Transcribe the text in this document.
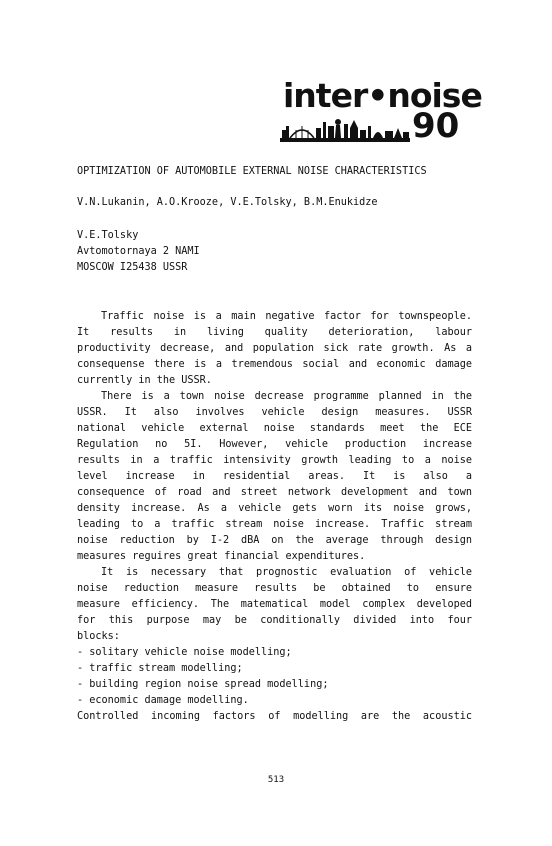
inter•noise
90
OPTIMIZATION OF AUTOMOBILE EXTERNAL NOISE CHARACTERISTICS
V.N.Lukanin, A.O.Krooze, V.E.Tolsky, B.M.Enukidze
V.E.Tolsky
Avtomotornaya 2 NAMI
MOSCOW I25438 USSR
Traffic noise is a main negative factor for townspeople.
It results in living quality deterioration, labour
productivity decrease, and population sick rate growth. As a
consequense there is a tremendous social and economic damage
currently in the USSR.
There is a town noise decrease programme planned in the
USSR. It also involves vehicle design measures. USSR
national vehicle external noise standards meet the ECE
Regulation no 5I. However, vehicle production increase
results in a traffic intensivity growth leading to a noise
level increase in residential areas. It is also a
consequence of road and street network development and town
density increase. As a vehicle gets worn its noise grows,
leading to a traffic stream noise increase. Traffic stream
noise reduction by I-2 dBA on the average through design
measures reguires great financial expenditures.
It is necessary that prognostic evaluation of vehicle
noise reduction measure results be obtained to ensure
measure efficiency. The matematical model complex developed
for this purpose may be conditionally divided into four
blocks:
- solitary vehicle noise modelling;
- traffic stream modelling;
- building region noise spread modelling;
- economic damage modelling.
Controlled incoming factors of modelling are the acoustic
513
